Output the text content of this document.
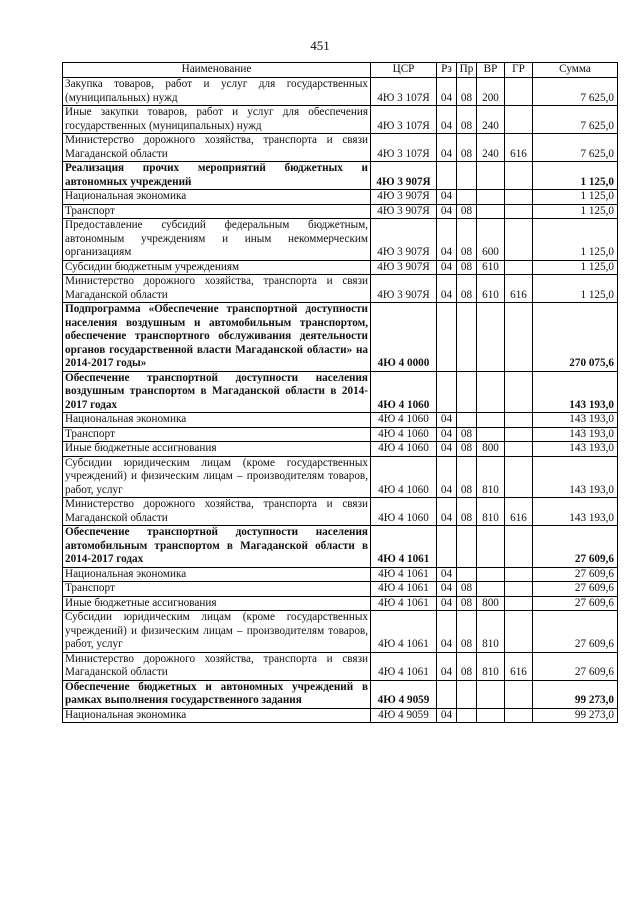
451
Наименование	ЦСР	Рз	Пр	ВР	ГР	Сумма
Закупка товаров, работ и услуг для государственных (муниципальных) нужд	4Ю 3 107Я	04	08	200		7 625,0
Иные закупки товаров, работ и услуг для обеспечения государственных (муниципальных) нужд	4Ю 3 107Я	04	08	240		7 625,0
Министерство дорожного хозяйства, транспорта и связи Магаданской области	4Ю 3 107Я	04	08	240	616	7 625,0
Реализация прочих мероприятий бюджетных и автономных учреждений	4Ю 3 907Я					1 125,0
Национальная экономика	4Ю 3 907Я	04				1 125,0
Транспорт	4Ю 3 907Я	04	08			1 125,0
Предоставление субсидий федеральным бюджетным, автономным учреждениям и иным некоммерческим организациям	4Ю 3 907Я	04	08	600		1 125,0
Субсидии бюджетным учреждениям	4Ю 3 907Я	04	08	610		1 125,0
Министерство дорожного хозяйства, транспорта и связи Магаданской области	4Ю 3 907Я	04	08	610	616	1 125,0
Подпрограмма «Обеспечение транспортной доступности населения воздушным и автомобильным транспортом, обеспечение транспортного обслуживания деятельности органов государственной власти Магаданской области» на 2014-2017 годы»	4Ю 4 0000					270 075,6
Обеспечение транспортной доступности населения воздушным транспортом в Магаданской области в 2014- 2017 годах	4Ю 4 1060					143 193,0
Национальная экономика	4Ю 4 1060	04				143 193,0
Транспорт	4Ю 4 1060	04	08			143 193,0
Иные бюджетные ассигнования	4Ю 4 1060	04	08	800		143 193,0
Субсидии юридическим лицам (кроме государственных учреждений) и физическим лицам – производителям товаров, работ, услуг	4Ю 4 1060	04	08	810		143 193,0
Министерство дорожного хозяйства, транспорта и связи Магаданской области	4Ю 4 1060	04	08	810	616	143 193,0
Обеспечение транспортной доступности населения автомобильным транспортом в Магаданской области в 2014-2017 годах	4Ю 4 1061					27 609,6
Национальная экономика	4Ю 4 1061	04				27 609,6
Транспорт	4Ю 4 1061	04	08			27 609,6
Иные бюджетные ассигнования	4Ю 4 1061	04	08	800		27 609,6
Субсидии юридическим лицам (кроме государственных учреждений) и физическим лицам – производителям товаров, работ, услуг	4Ю 4 1061	04	08	810		27 609,6
Министерство дорожного хозяйства, транспорта и связи Магаданской области	4Ю 4 1061	04	08	810	616	27 609,6
Обеспечение бюджетных и автономных учреждений в рамках выполнения государственного задания	4Ю 4 9059					99 273,0
Национальная экономика	4Ю 4 9059	04				99 273,0
